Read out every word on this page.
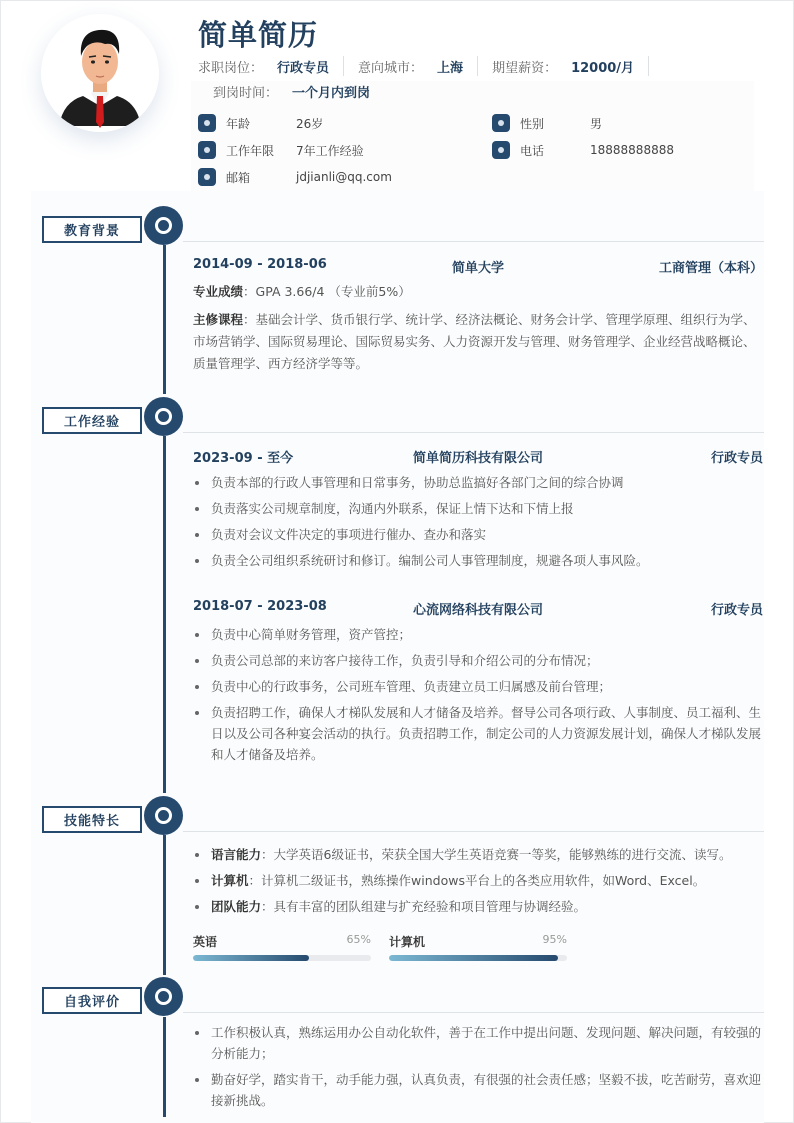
简单简历
求职岗位： 行政专员 意向城市： 上海 期望薪资： 12000/月
到岗时间： 一个月内到岗
年龄	26岁	性别	男
工作年限	7年工作经验	电话	18888888888
邮箱	jdjianli@qq.com
教育背景
2014-09 - 2018-06	简单大学	工商管理（本科）
专业成绩：GPA 3.66/4 （专业前5%）
主修课程：基础会计学、货币银行学、统计学、经济法概论、财务会计学、管理学原理、组织行为学、市场营销学、国际贸易理论、国际贸易实务、人力资源开发与管理、财务管理学、企业经营战略概论、质量管理学、西方经济学等等。
工作经验
2023-09 - 至今	简单简历科技有限公司	行政专员
负责本部的行政人事管理和日常事务，协助总监搞好各部门之间的综合协调
负责落实公司规章制度，沟通内外联系，保证上情下达和下情上报
负责对会议文件决定的事项进行催办、查办和落实
负责全公司组织系统研讨和修订。编制公司人事管理制度，规避各项人事风险。
2018-07 - 2023-08	心流网络科技有限公司	行政专员
负责中心简单财务管理，资产管控；
负责公司总部的来访客户接待工作，负责引导和介绍公司的分布情况；
负责中心的行政事务，公司班车管理、负责建立员工归属感及前台管理；
负责招聘工作，确保人才梯队发展和人才储备及培养。督导公司各项行政、人事制度、员工福利、生日以及公司各种宴会活动的执行。负责招聘工作，制定公司的人力资源发展计划，确保人才梯队发展和人才储备及培养。
技能特长
语言能力：大学英语6级证书，荣获全国大学生英语竞赛一等奖，能够熟练的进行交流、读写。
计算机：计算机二级证书，熟练操作windows平台上的各类应用软件，如Word、Excel。
团队能力：具有丰富的团队组建与扩充经验和项目管理与协调经验。
英语	65% 计算机	95%
自我评价
工作积极认真，熟练运用办公自动化软件，善于在工作中提出问题、发现问题、解决问题，有较强的分析能力；
勤奋好学，踏实肯干，动手能力强，认真负责，有很强的社会责任感；坚毅不拔，吃苦耐劳，喜欢迎接新挑战。
